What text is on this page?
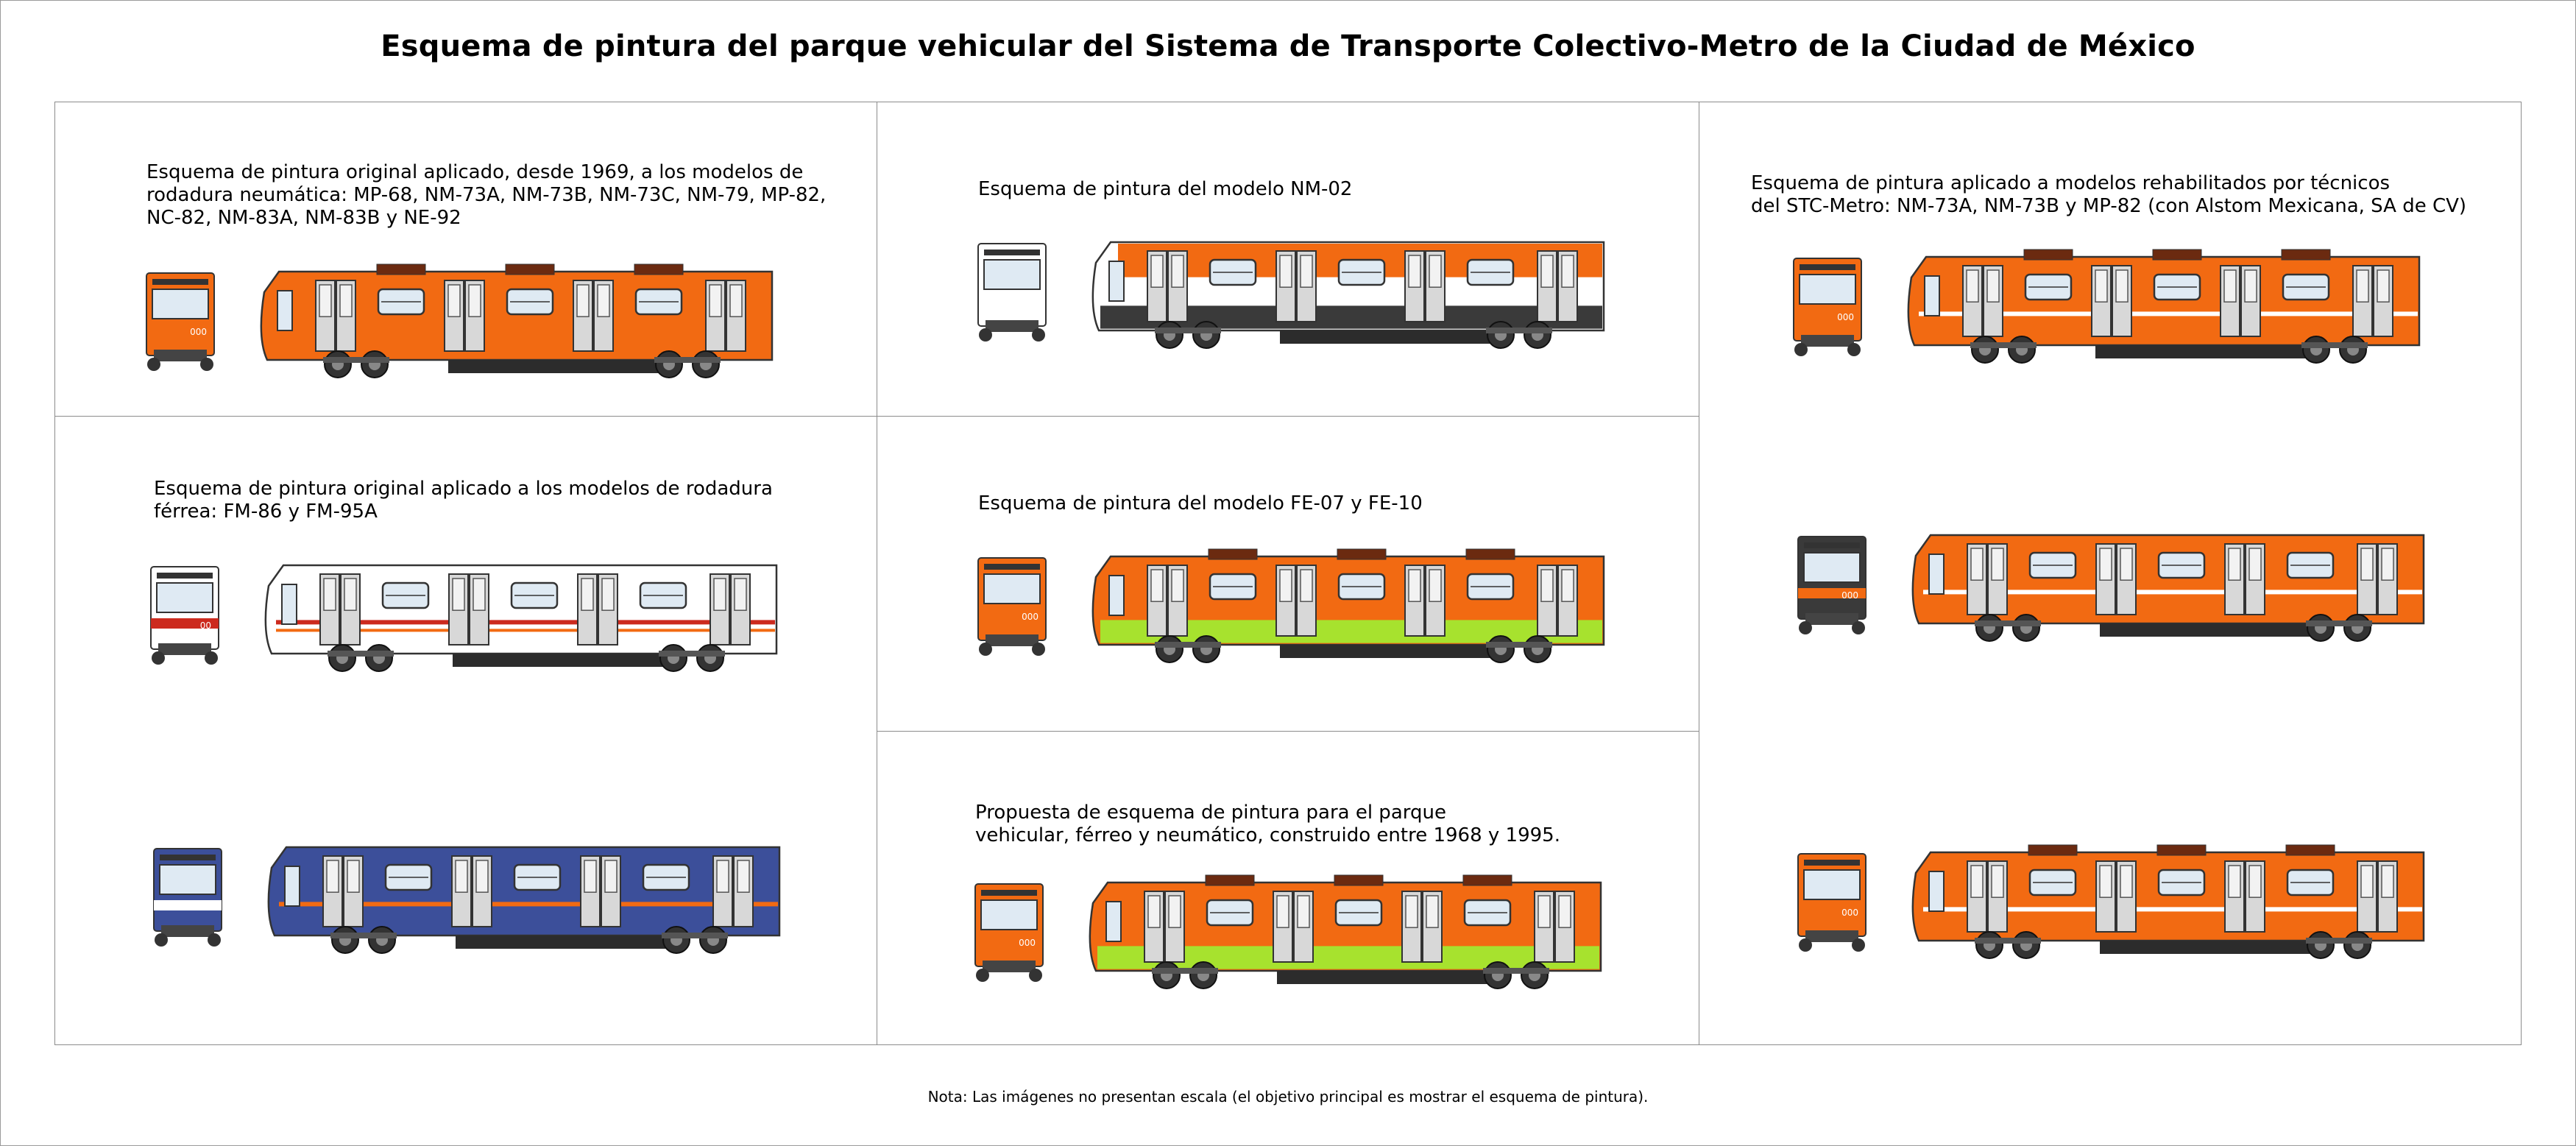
Esquema de pintura del parque vehicular del Sistema de Transporte Colectivo-Metro de la Ciudad de México
Esquema de pintura original aplicado, desde 1969, a los modelos de
rodadura neumática: MP-68, NM-73A, NM-73B, NM-73C, NM-79, MP-82,
NC-82, NM-83A, NM-83B y NE-92
000
Esquema de pintura original aplicado a los modelos de rodadura
férrea: FM-86 y FM-95A
00
00
Esquema de pintura del modelo NM-02
000
Esquema de pintura del modelo FE-07 y FE-10
000
Propuesta de esquema de pintura para el parque
vehicular, férreo y neumático, construido entre 1968 y 1995.
000
Esquema de pintura aplicado a modelos rehabilitados por técnicos
del STC-Metro: NM-73A, NM-73B y MP-82 (con Alstom Mexicana, SA de CV)
000
000
000
Nota: Las imágenes no presentan escala (el objetivo principal es mostrar el esquema de pintura).
